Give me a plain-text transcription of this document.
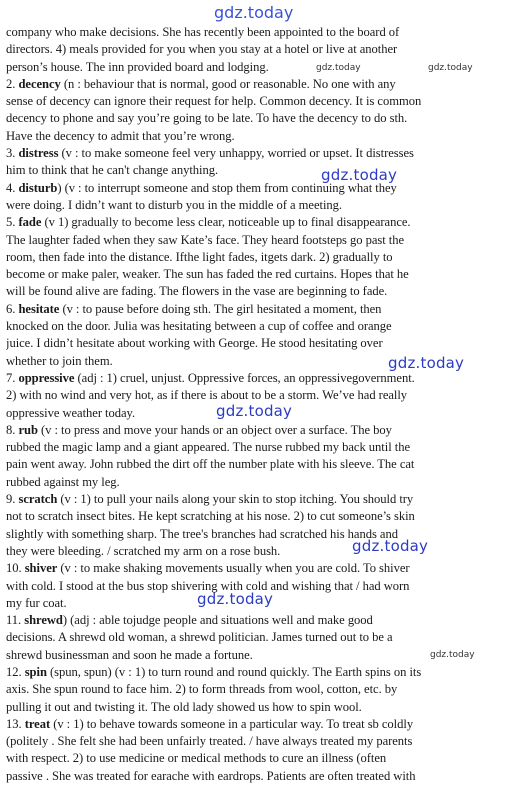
gdz.today
company who make decisions. She has recently been appointed to the board of
directors. 4) meals provided for you when you stay at a hotel or live at another
person’s house. The inn provided board and lodging.
2. decency (n : behaviour that is normal, good or reasonable. No one with any
sense of decency can ignore their request for help. Common decency. It is common
decency to phone and say you’re going to be late. To have the decency to do sth.
Have the decency to admit that you’re wrong.
3. distress (v : to make someone feel very unhappy, worried or upset. It distresses
him to think that he can't change anything.
4. disturb) (v : to interrupt someone and stop them from continuing what they
were doing. I didn’t want to disturb you in the middle of a meeting.
5. fade (v 1) gradually to become less clear, noticeable up to final disappearance.
The laughter faded when they saw Kate’s face. They heard footsteps go past the
room, then fade into the distance. Ifthe light fades, itgets dark. 2) gradually to
become or make paler, weaker. The sun has faded the red curtains. Hopes that he
will be found alive are fading. The flowers in the vase are beginning to fade.
6. hesitate (v : to pause before doing sth. The girl hesitated a moment, then
knocked on the door. Julia was hesitating between a cup of coffee and orange
juice. I didn’t hesitate about working with George. He stood hesitating over
whether to join them.
7. oppressive (adj : 1) cruel, unjust. Oppressive forces, an oppressivegovernment.
2) with no wind and very hot, as if there is about to be a storm. We’ve had really
oppressive weather today.
8. rub (v : to press and move your hands or an object over a surface. The boy
rubbed the magic lamp and a giant appeared. The nurse rubbed my back until the
pain went away. John rubbed the dirt off the number plate with his sleeve. The cat
rubbed against my leg.
9. scratch (v : 1) to pull your nails along your skin to stop itching. You should try
not to scratch insect bites. He kept scratching at his nose. 2) to cut someone’s skin
slightly with something sharp. The tree's branches had scratched his hands and
they were bleeding. / scratched my arm on a rose bush.
10. shiver (v : to make shaking movements usually when you are cold. To shiver
with cold. I stood at the bus stop shivering with cold and wishing that / had worn
my fur coat.
11. shrewd) (adj : able tojudge people and situations well and make good
decisions. A shrewd old woman, a shrewd politician. James turned out to be a
shrewd businessman and soon he made a fortune.
12. spin (spun, spun) (v : 1) to turn round and round quickly. The Earth spins on its
axis. She spun round to face him. 2) to form threads from wool, cotton, etc. by
pulling it out and twisting it. The old lady showed us how to spin wool.
13. treat (v : 1) to behave towards someone in a particular way. To treat sb coldly
(politely . She felt she had been unfairly treated. / have always treated my parents
with respect. 2) to use medicine or medical methods to cure an illness (often
passive . She was treated for earache with eardrops. Patients are often treated with
gdz.today	gdz.today
gdz.today
gdz.today
gdz.today
gdz.today
gdz.today
gdz.today
